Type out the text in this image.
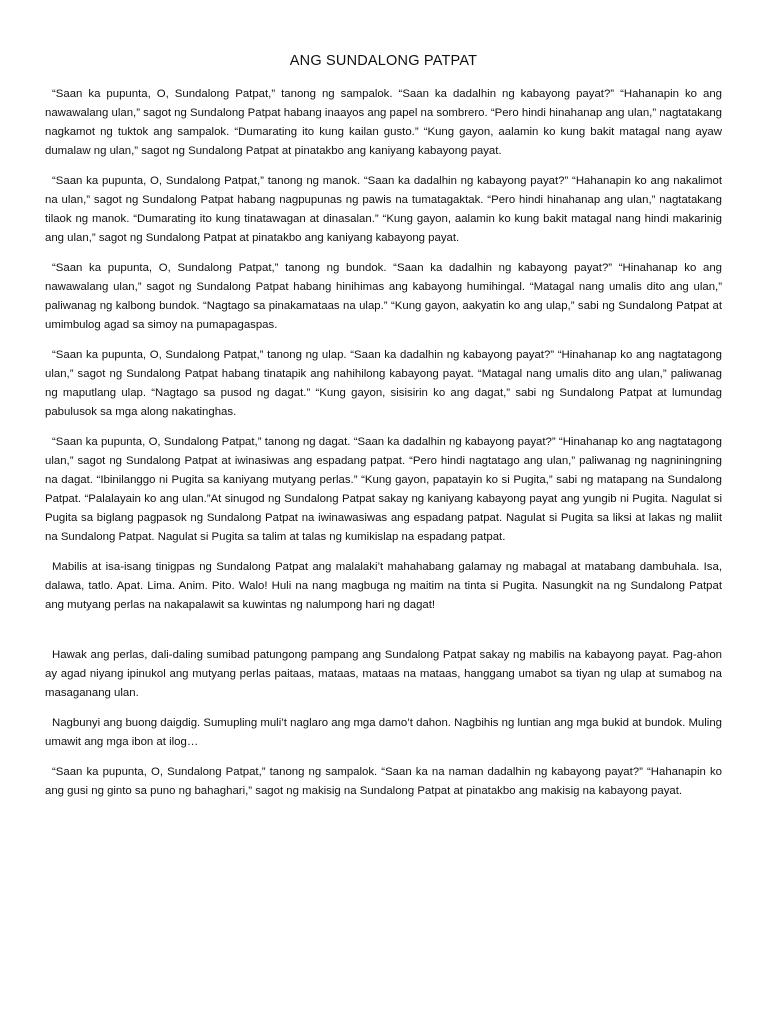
ANG SUNDALONG PATPAT

“Saan ka pupunta, O, Sundalong Patpat,” tanong ng sampalok. “Saan ka dadalhin ng kabayong payat?” “Hahanapin ko ang nawawalang ulan,” sagot ng Sundalong Patpat habang inaayos ang papel na sombrero. “Pero hindi hinahanap ang ulan,” nagtatakang nagkamot ng tuktok ang sampalok. “Dumarating ito kung kailan gusto.” “Kung gayon, aalamin ko kung bakit matagal nang ayaw dumalaw ng ulan,” sagot ng Sundalong Patpat at pinatakbo ang kaniyang kabayong payat.

“Saan ka pupunta, O, Sundalong Patpat,” tanong ng manok. “Saan ka dadalhin ng kabayong payat?” “Hahanapin ko ang nakalimot na ulan,” sagot ng Sundalong Patpat habang nagpupunas ng pawis na tumatagaktak. “Pero hindi hinahanap ang ulan,” nagtatakang tilaok ng manok. “Dumarating ito kung tinatawagan at dinasalan.” “Kung gayon, aalamin ko kung bakit matagal nang hindi makarinig ang ulan,” sagot ng Sundalong Patpat at pinatakbo ang kaniyang kabayong payat.

“Saan ka pupunta, O, Sundalong Patpat,” tanong ng bundok. “Saan ka dadalhin ng kabayong payat?” “Hinahanap ko ang nawawalang ulan,” sagot ng Sundalong Patpat habang hinihimas ang kabayong humihingal. “Matagal nang umalis dito ang ulan,” paliwanag ng kalbong bundok. “Nagtago sa pinakamataas na ulap.” “Kung gayon, aakyatin ko ang ulap,” sabi ng Sundalong Patpat at umimbulog agad sa simoy na pumapagaspas.

“Saan ka pupunta, O, Sundalong Patpat,” tanong ng ulap. “Saan ka dadalhin ng kabayong payat?” “Hinahanap ko ang nagtatagong ulan,” sagot ng Sundalong Patpat habang tinatapik ang nahihilong kabayong payat. “Matagal nang umalis dito ang ulan,” paliwanag ng maputlang ulap. “Nagtago sa pusod ng dagat.” “Kung gayon, sisisirin ko ang dagat,” sabi ng Sundalong Patpat at lumundag pabulusok sa mga along nakatinghas.

“Saan ka pupunta, O, Sundalong Patpat,” tanong ng dagat. “Saan ka dadalhin ng kabayong payat?” “Hinahanap ko ang nagtatagong ulan,” sagot ng Sundalong Patpat at iwinasiwas ang espadang patpat. “Pero hindi nagtatago ang ulan,” paliwanag ng nagniningning na dagat. “Ibinilanggo ni Pugita sa kaniyang mutyang perlas.” “Kung gayon, papatayin ko si Pugita,” sabi ng matapang na Sundalong Patpat. “Palalayain ko ang ulan.”At sinugod ng Sundalong Patpat sakay ng kaniyang kabayong payat ang yungib ni Pugita. Nagulat si Pugita sa biglang pagpasok ng Sundalong Patpat na iwinawasiwas ang espadang patpat. Nagulat si Pugita sa liksi at lakas ng maliit na Sundalong Patpat. Nagulat si Pugita sa talim at talas ng kumikislap na espadang patpat.

Mabilis at isa-isang tinigpas ng Sundalong Patpat ang malalaki’t mahahabang galamay ng mabagal at matabang dambuhala. Isa, dalawa, tatlo. Apat. Lima. Anim. Pito. Walo! Huli na nang magbuga ng maitim na tinta si Pugita. Nasungkit na ng Sundalong Patpat ang mutyang perlas na nakapalawit sa kuwintas ng nalumpong hari ng dagat!

Hawak ang perlas, dali-daling sumibad patungong pampang ang Sundalong Patpat sakay ng mabilis na kabayong payat. Pag-ahon ay agad niyang ipinukol ang mutyang perlas paitaas, mataas, mataas na mataas, hanggang umabot sa tiyan ng ulap at sumabog na masaganang ulan.

Nagbunyi ang buong daigdig. Sumupling muli’t naglaro ang mga damo’t dahon. Nagbihis ng luntian ang mga bukid at bundok. Muling umawit ang mga ibon at ilog…

“Saan ka pupunta, O, Sundalong Patpat,” tanong ng sampalok. “Saan ka na naman dadalhin ng kabayong payat?” “Hahanapin ko ang gusi ng ginto sa puno ng bahaghari,” sagot ng makisig na Sundalong Patpat at pinatakbo ang makisig na kabayong payat.
